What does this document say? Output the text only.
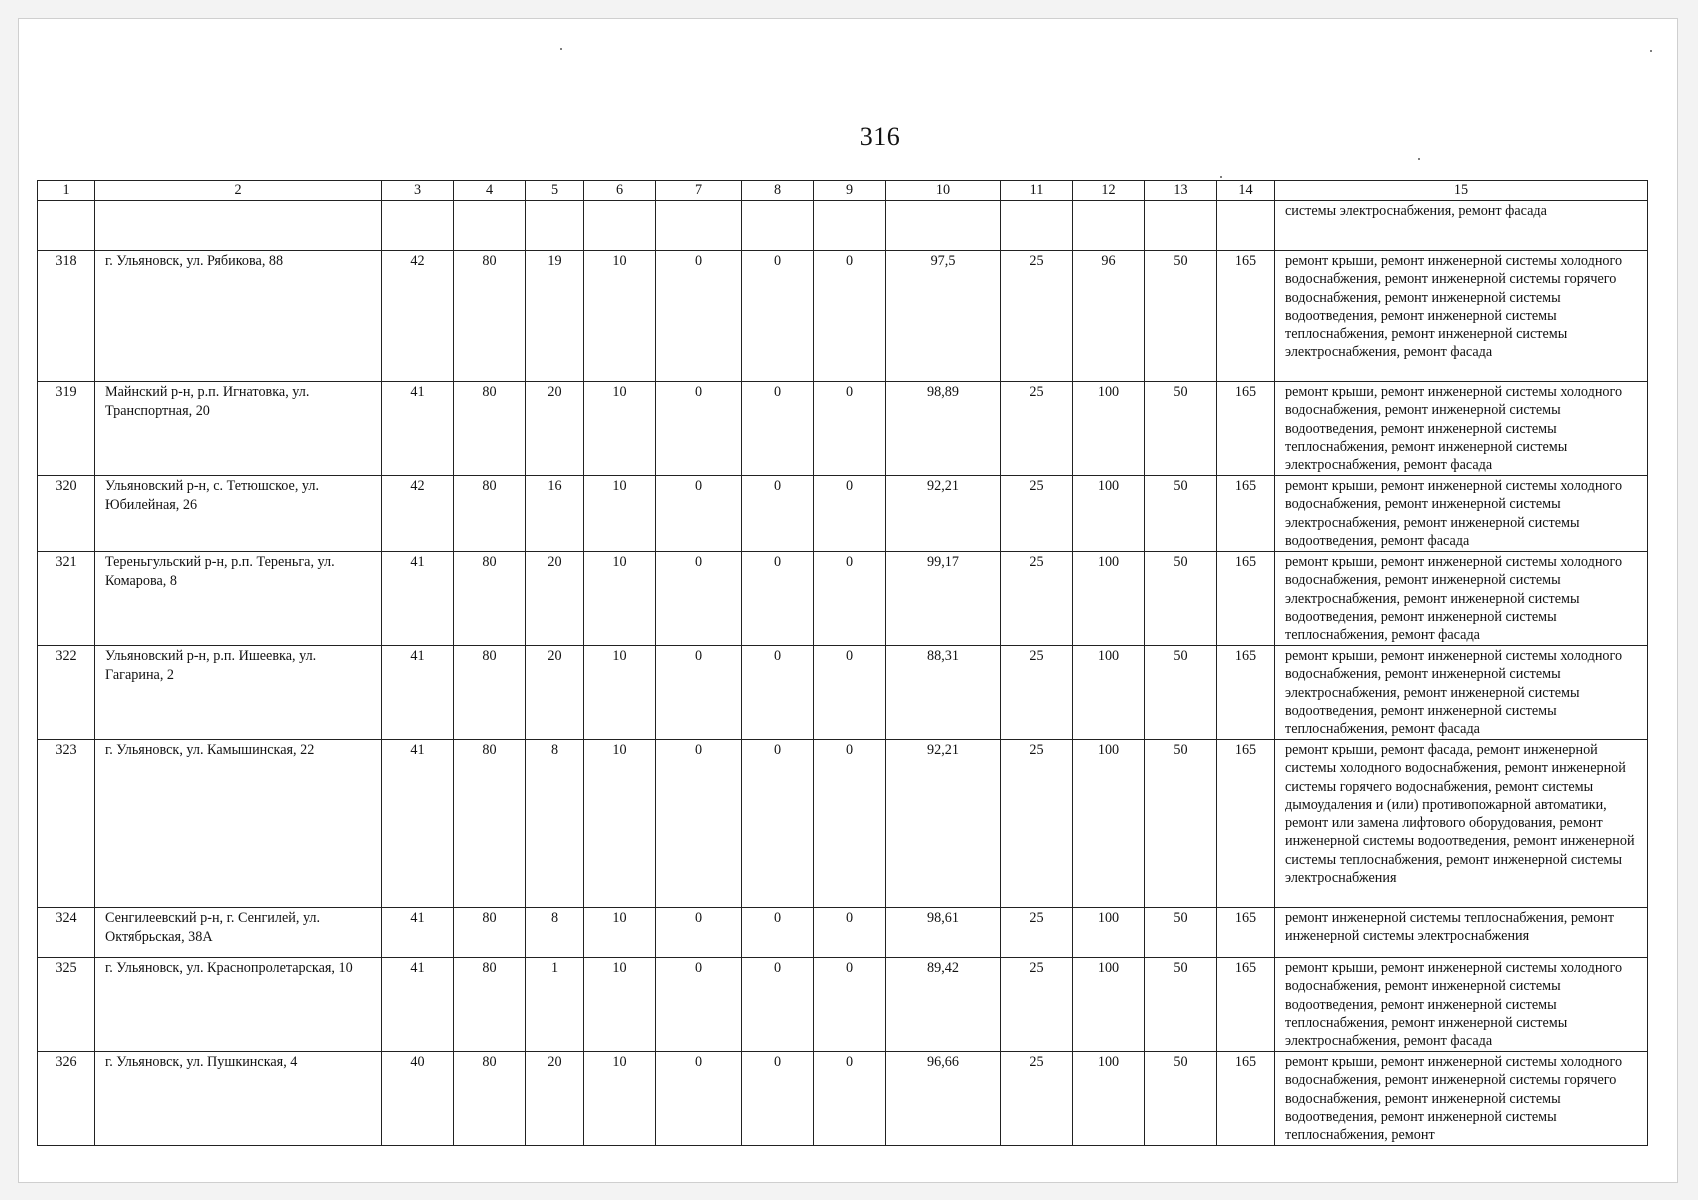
316
1	2	3	4	5	6	7	8	9	10	11	12	13	14	15
														системы электроснабжения, ремонт фасада
318	г. Ульяновск, ул. Рябикова, 88	42	80	19	10	0	0	0	97,5	25	96	50	165	ремонт крыши, ремонт инженерной системы холодного водоснабжения, ремонт инженерной системы горячего водоснабжения, ремонт инженерной системы водоотведения, ремонт инженерной системы теплоснабжения, ремонт инженерной системы электроснабжения, ремонт фасада
319	Майнский р-н, р.п. Игнатовка, ул. Транспортная, 20	41	80	20	10	0	0	0	98,89	25	100	50	165	ремонт крыши, ремонт инженерной системы холодного водоснабжения, ремонт инженерной системы водоотведения, ремонт инженерной системы теплоснабжения, ремонт инженерной системы электроснабжения, ремонт фасада
320	Ульяновский р-н, с. Тетюшское, ул. Юбилейная, 26	42	80	16	10	0	0	0	92,21	25	100	50	165	ремонт крыши, ремонт инженерной системы холодного водоснабжения, ремонт инженерной системы электроснабжения, ремонт инженерной системы водоотведения, ремонт фасада
321	Тереньгульский р-н, р.п. Тереньга, ул. Комарова, 8	41	80	20	10	0	0	0	99,17	25	100	50	165	ремонт крыши, ремонт инженерной системы холодного водоснабжения, ремонт инженерной системы электроснабжения, ремонт инженерной системы водоотведения, ремонт инженерной системы теплоснабжения, ремонт фасада
322	Ульяновский р-н, р.п. Ишеевка, ул. Гагарина, 2	41	80	20	10	0	0	0	88,31	25	100	50	165	ремонт крыши, ремонт инженерной системы холодного водоснабжения, ремонт инженерной системы электроснабжения, ремонт инженерной системы водоотведения, ремонт инженерной системы теплоснабжения, ремонт фасада
323	г. Ульяновск, ул. Камышинская, 22	41	80	8	10	0	0	0	92,21	25	100	50	165	ремонт крыши, ремонт фасада, ремонт инженерной системы холодного водоснабжения, ремонт инженерной системы горячего водоснабжения, ремонт системы дымоудаления и (или) противопожарной автоматики, ремонт или замена лифтового оборудования, ремонт инженерной системы водоотведения, ремонт инженерной системы теплоснабжения, ремонт инженерной системы электроснабжения
324	Сенгилеевский р-н, г. Сенгилей, ул. Октябрьская, 38А	41	80	8	10	0	0	0	98,61	25	100	50	165	ремонт инженерной системы теплоснабжения, ремонт инженерной системы электроснабжения
325	г. Ульяновск, ул. Краснопролетарская, 10	41	80	1	10	0	0	0	89,42	25	100	50	165	ремонт крыши, ремонт инженерной системы холодного водоснабжения, ремонт инженерной системы водоотведения, ремонт инженерной системы теплоснабжения, ремонт инженерной системы электроснабжения, ремонт фасада
326	г. Ульяновск, ул. Пушкинская, 4	40	80	20	10	0	0	0	96,66	25	100	50	165	ремонт крыши, ремонт инженерной системы холодного водоснабжения, ремонт инженерной системы горячего водоснабжения, ремонт инженерной системы водоотведения, ремонт инженерной системы теплоснабжения, ремонт
